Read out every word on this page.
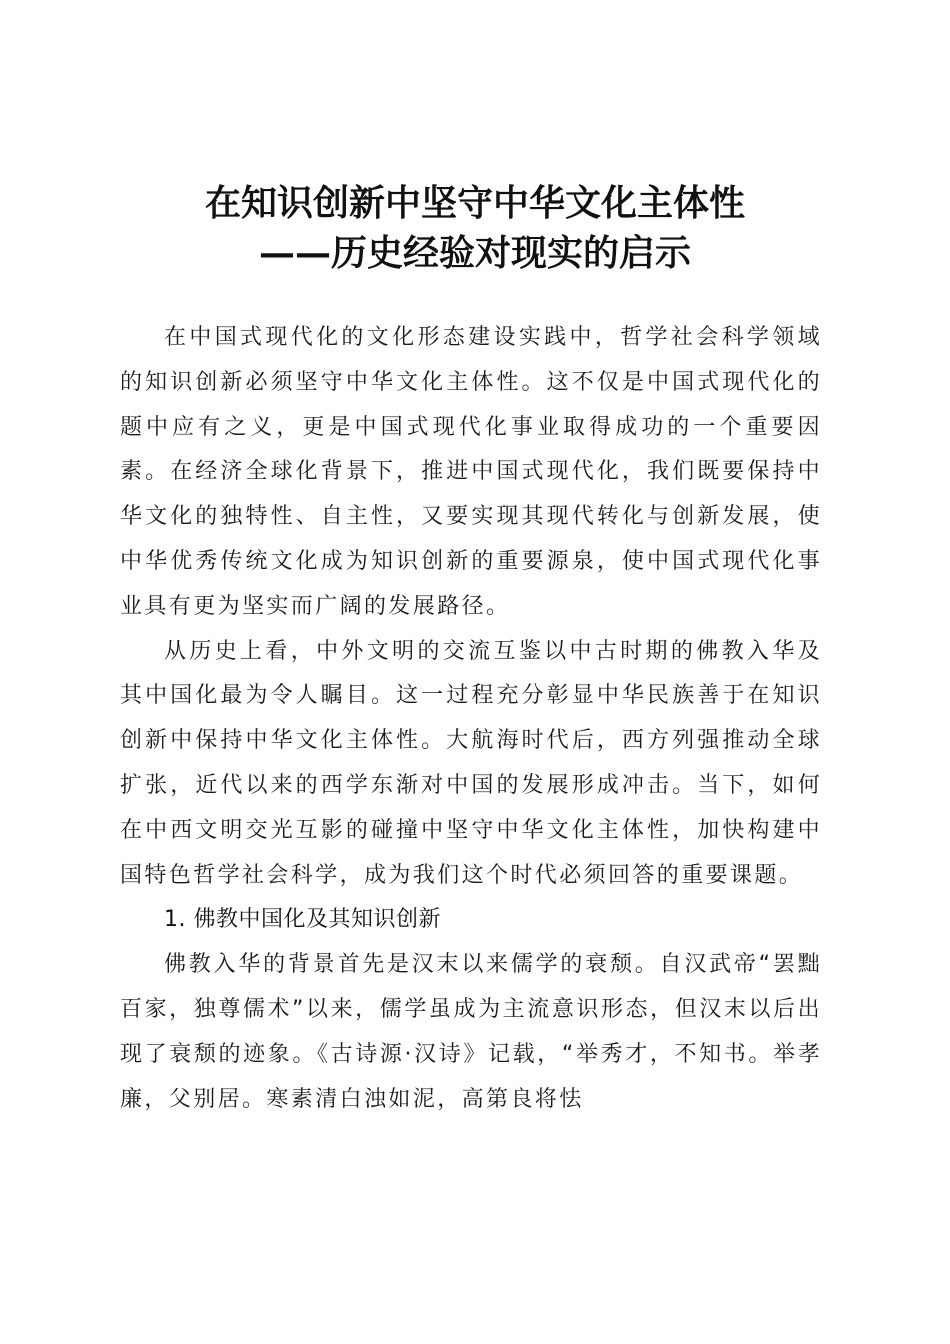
在知识创新中坚守中华文化主体性
——历史经验对现实的启示

在中国式现代化的文化形态建设实践中，哲学社会科学领域的知识创新必须坚守中华文化主体性。这不仅是中国式现代化的题中应有之义，更是中国式现代化事业取得成功的一个重要因素。在经济全球化背景下，推进中国式现代化，我们既要保持中华文化的独特性、自主性，又要实现其现代转化与创新发展，使中华优秀传统文化成为知识创新的重要源泉，使中国式现代化事业具有更为坚实而广阔的发展路径。

从历史上看，中外文明的交流互鉴以中古时期的佛教入华及其中国化最为令人瞩目。这一过程充分彰显中华民族善于在知识创新中保持中华文化主体性。大航海时代后，西方列强推动全球扩张，近代以来的西学东渐对中国的发展形成冲击。当下，如何在中西文明交光互影的碰撞中坚守中华文化主体性，加快构建中国特色哲学社会科学，成为我们这个时代必须回答的重要课题。

1. 佛教中国化及其知识创新

佛教入华的背景首先是汉末以来儒学的衰颓。自汉武帝“罢黜百家，独尊儒术”以来，儒学虽成为主流意识形态，但汉末以后出现了衰颓的迹象。《古诗源·汉诗》记载，“举秀才，不知书。举孝廉，父别居。寒素清白浊如泥，高第良将怯
